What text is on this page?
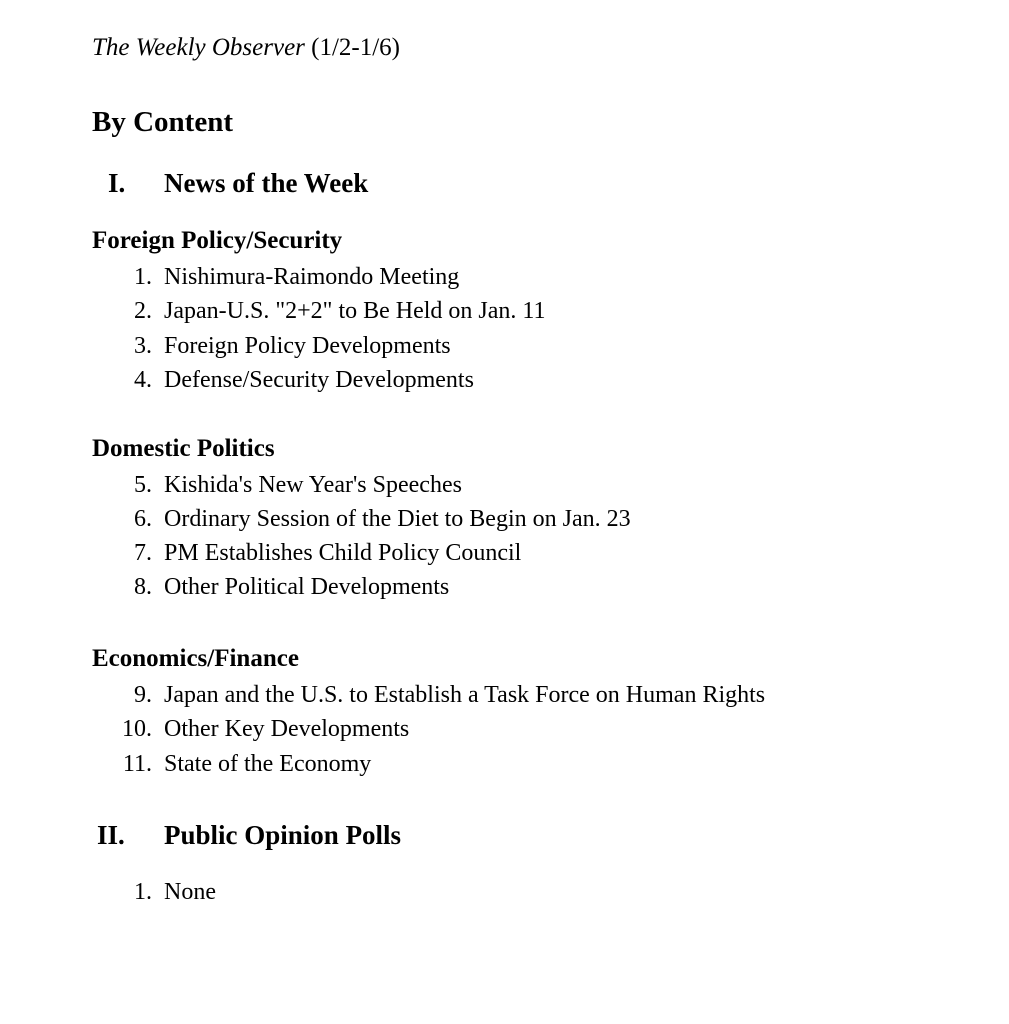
The Weekly Observer (1/2-1/6)
By Content
I. News of the Week
Foreign Policy/Security
1. Nishimura-Raimondo Meeting
2. Japan-U.S. "2+2" to Be Held on Jan. 11
3. Foreign Policy Developments
4. Defense/Security Developments
Domestic Politics
5. Kishida's New Year's Speeches
6. Ordinary Session of the Diet to Begin on Jan. 23
7. PM Establishes Child Policy Council
8. Other Political Developments
Economics/Finance
9. Japan and the U.S. to Establish a Task Force on Human Rights
10. Other Key Developments
11. State of the Economy
II. Public Opinion Polls
1. None
